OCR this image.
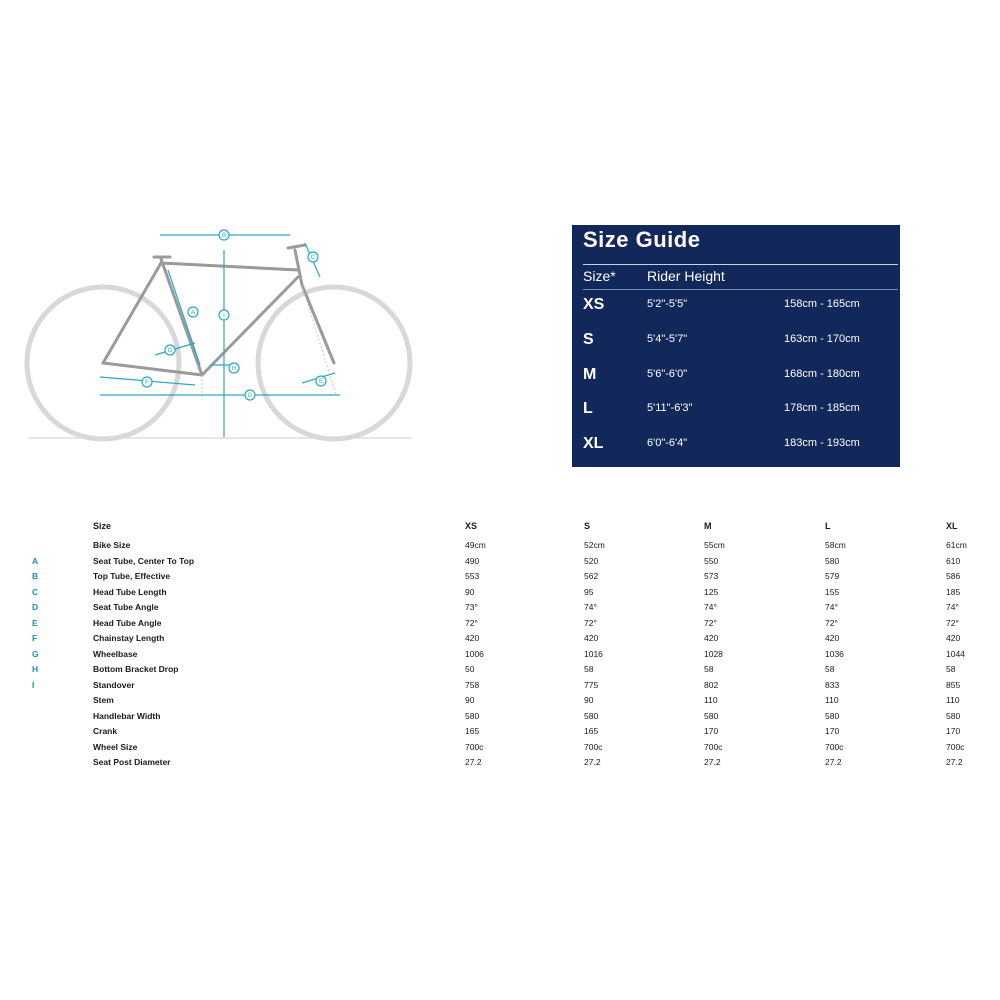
B
C
A	I
D
H
E
F
G
Size Guide
Size* Rider Height
XS	5'2"-5'5"	158cm - 165cm
S	5'4"-5'7"	163cm - 170cm
M	5'6"-6'0"	168cm - 180cm
L	5'11"-6'3"	178cm - 185cm
XL	6'0"-6'4"	183cm - 193cm
Size	XS	S	M	L	XL
Bike Size	49cm	52cm	55cm	58cm	61cm
A	Seat Tube, Center To Top	490	520	550	580	610
B	Top Tube, Effective	553	562	573	579	586
C	Head Tube Length	90	95	125	155	185
D	Seat Tube Angle	73°	74°	74°	74°	74°
E	Head Tube Angle	72°	72°	72°	72°	72°
F	Chainstay Length	420	420	420	420	420
G	Wheelbase	1006	1016	1028	1036	1044
H	Bottom Bracket Drop	50	58	58	58	58
I	Standover	758	775	802	833	855
Stem	90	90	110	110	110
Handlebar Width	580	580	580	580	580
Crank	165	165	170	170	170
Wheel Size	700c	700c	700c	700c	700c
Seat Post Diameter	27.2	27.2	27.2	27.2	27.2
